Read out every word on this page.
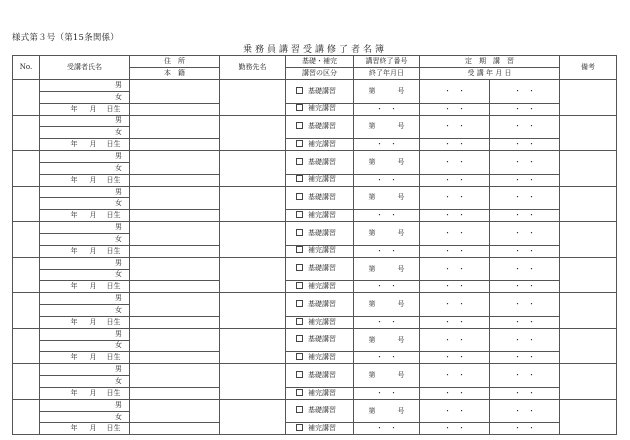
様式第３号（第15条関係）
乗務員講習受講修了者名簿
No.	受講者氏名	住　所	勤務先名	基礎・補完	講習終了番号	定　期　講　習		備考
		本　籍		講習の区分	終了年月日	受 講 年 月 日		
	男			基礎講習	第 号	・　・	・　・	
	女							
	年 月 日生			補完講習	・　・	・　・	・　・	
	男			基礎講習	第 号	・　・	・　・	
	女							
	年 月 日生			補完講習	・　・	・　・	・　・	
	男			基礎講習	第 号	・　・	・　・	
	女							
	年 月 日生			補完講習	・　・	・　・	・　・	
	男			基礎講習	第 号	・　・	・　・	
	女							
	年 月 日生			補完講習	・　・	・　・	・　・	
	男			基礎講習	第 号	・　・	・　・	
	女							
	年 月 日生			補完講習	・　・	・　・	・　・	
	男			基礎講習	第 号	・　・	・　・	
	女							
	年 月 日生			補完講習	・　・	・　・	・　・	
	男			基礎講習	第 号	・　・	・　・	
	女							
	年 月 日生			補完講習	・　・	・　・	・　・	
	男			基礎講習	第 号	・　・	・　・	
	女							
	年 月 日生			補完講習	・　・	・　・	・　・	
	男			基礎講習	第 号	・　・	・　・	
	女							
	年 月 日生			補完講習	・　・	・　・	・　・	
	男			基礎講習	第 号	・　・	・　・	
	女							
	年 月 日生			補完講習	・　・	・　・	・　・	
